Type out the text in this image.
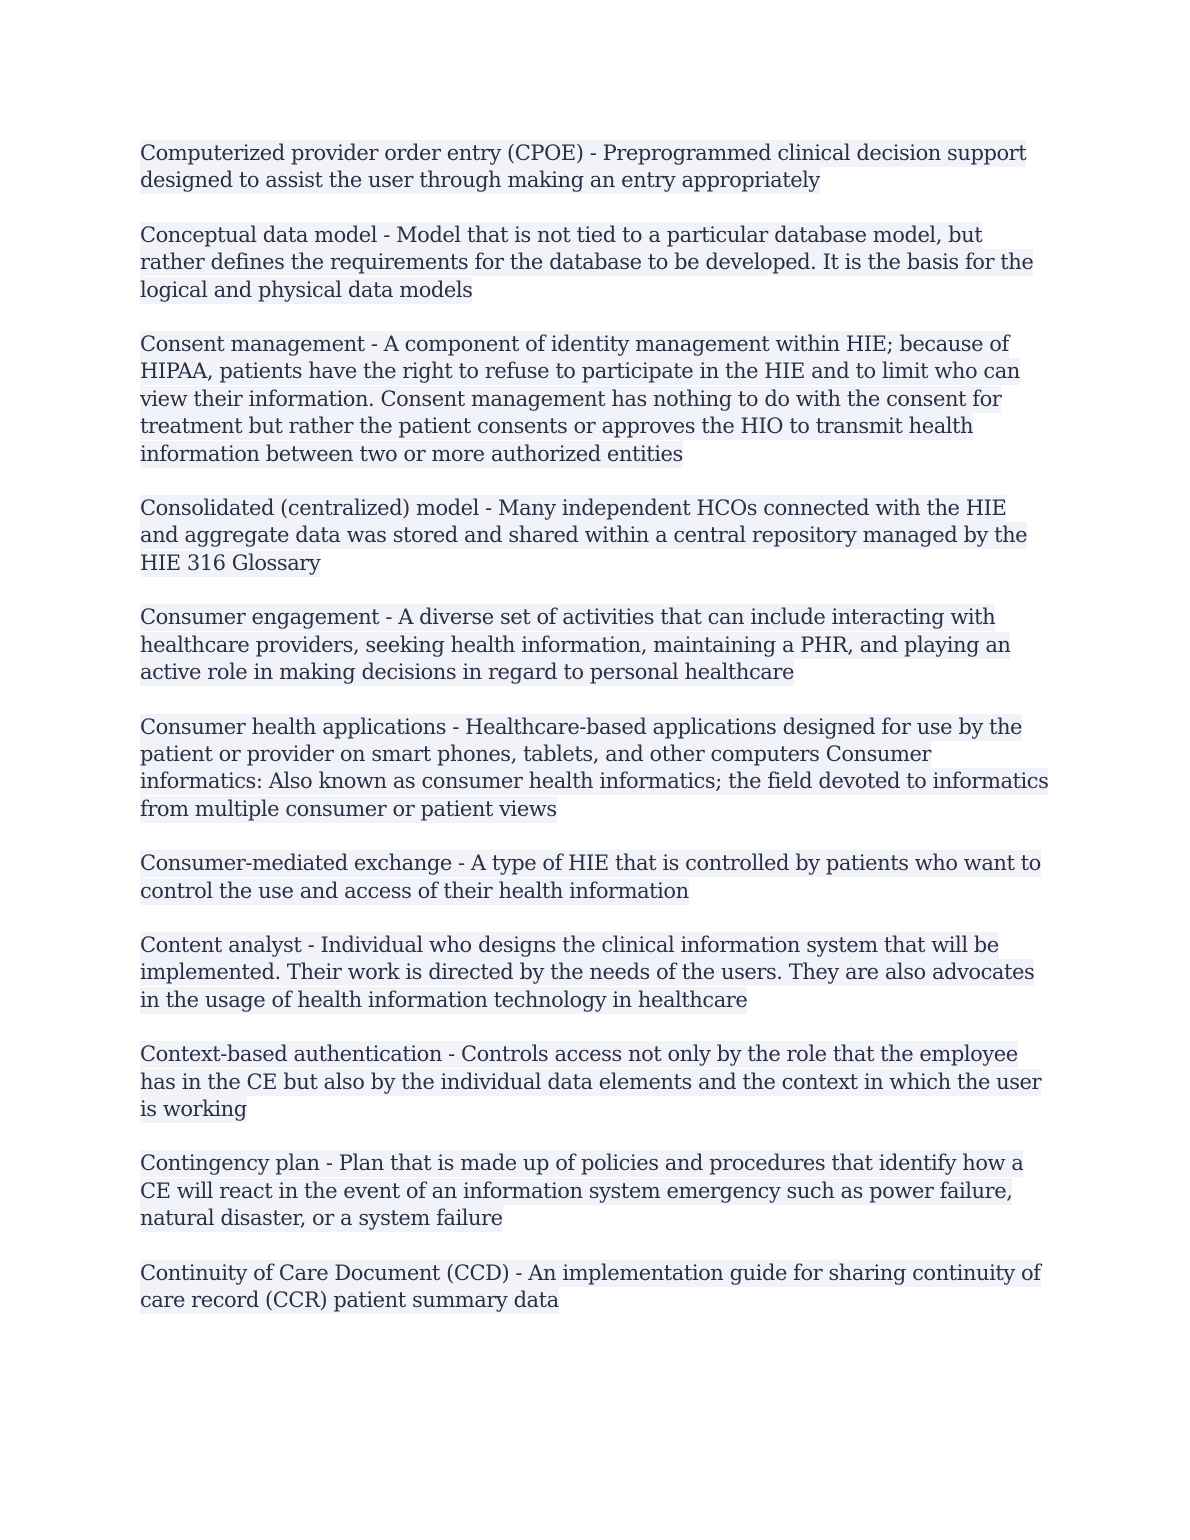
Computerized provider order entry (CPOE) - Preprogrammed clinical decision support designed to assist the user through making an entry appropriately

Conceptual data model - Model that is not tied to a particular database model, but rather defines the requirements for the database to be developed. It is the basis for the logical and physical data models

Consent management - A component of identity management within HIE; because of HIPAA, patients have the right to refuse to participate in the HIE and to limit who can view their information. Consent management has nothing to do with the consent for treatment but rather the patient consents or approves the HIO to transmit health information between two or more authorized entities

Consolidated (centralized) model - Many independent HCOs connected with the HIE and aggregate data was stored and shared within a central repository managed by the HIE 316 Glossary

Consumer engagement - A diverse set of activities that can include interacting with healthcare providers, seeking health information, maintaining a PHR, and playing an active role in making decisions in regard to personal healthcare

Consumer health applications - Healthcare-based applications designed for use by the patient or provider on smart phones, tablets, and other computers Consumer informatics: Also known as consumer health informatics; the field devoted to informatics from multiple consumer or patient views

Consumer-mediated exchange - A type of HIE that is controlled by patients who want to control the use and access of their health information

Content analyst - Individual who designs the clinical information system that will be implemented. Their work is directed by the needs of the users. They are also advocates in the usage of health information technology in healthcare

Context-based authentication - Controls access not only by the role that the employee has in the CE but also by the individual data elements and the context in which the user is working

Contingency plan - Plan that is made up of policies and procedures that identify how a CE will react in the event of an information system emergency such as power failure, natural disaster, or a system failure

Continuity of Care Document (CCD) - An implementation guide for sharing continuity of care record (CCR) patient summary data
